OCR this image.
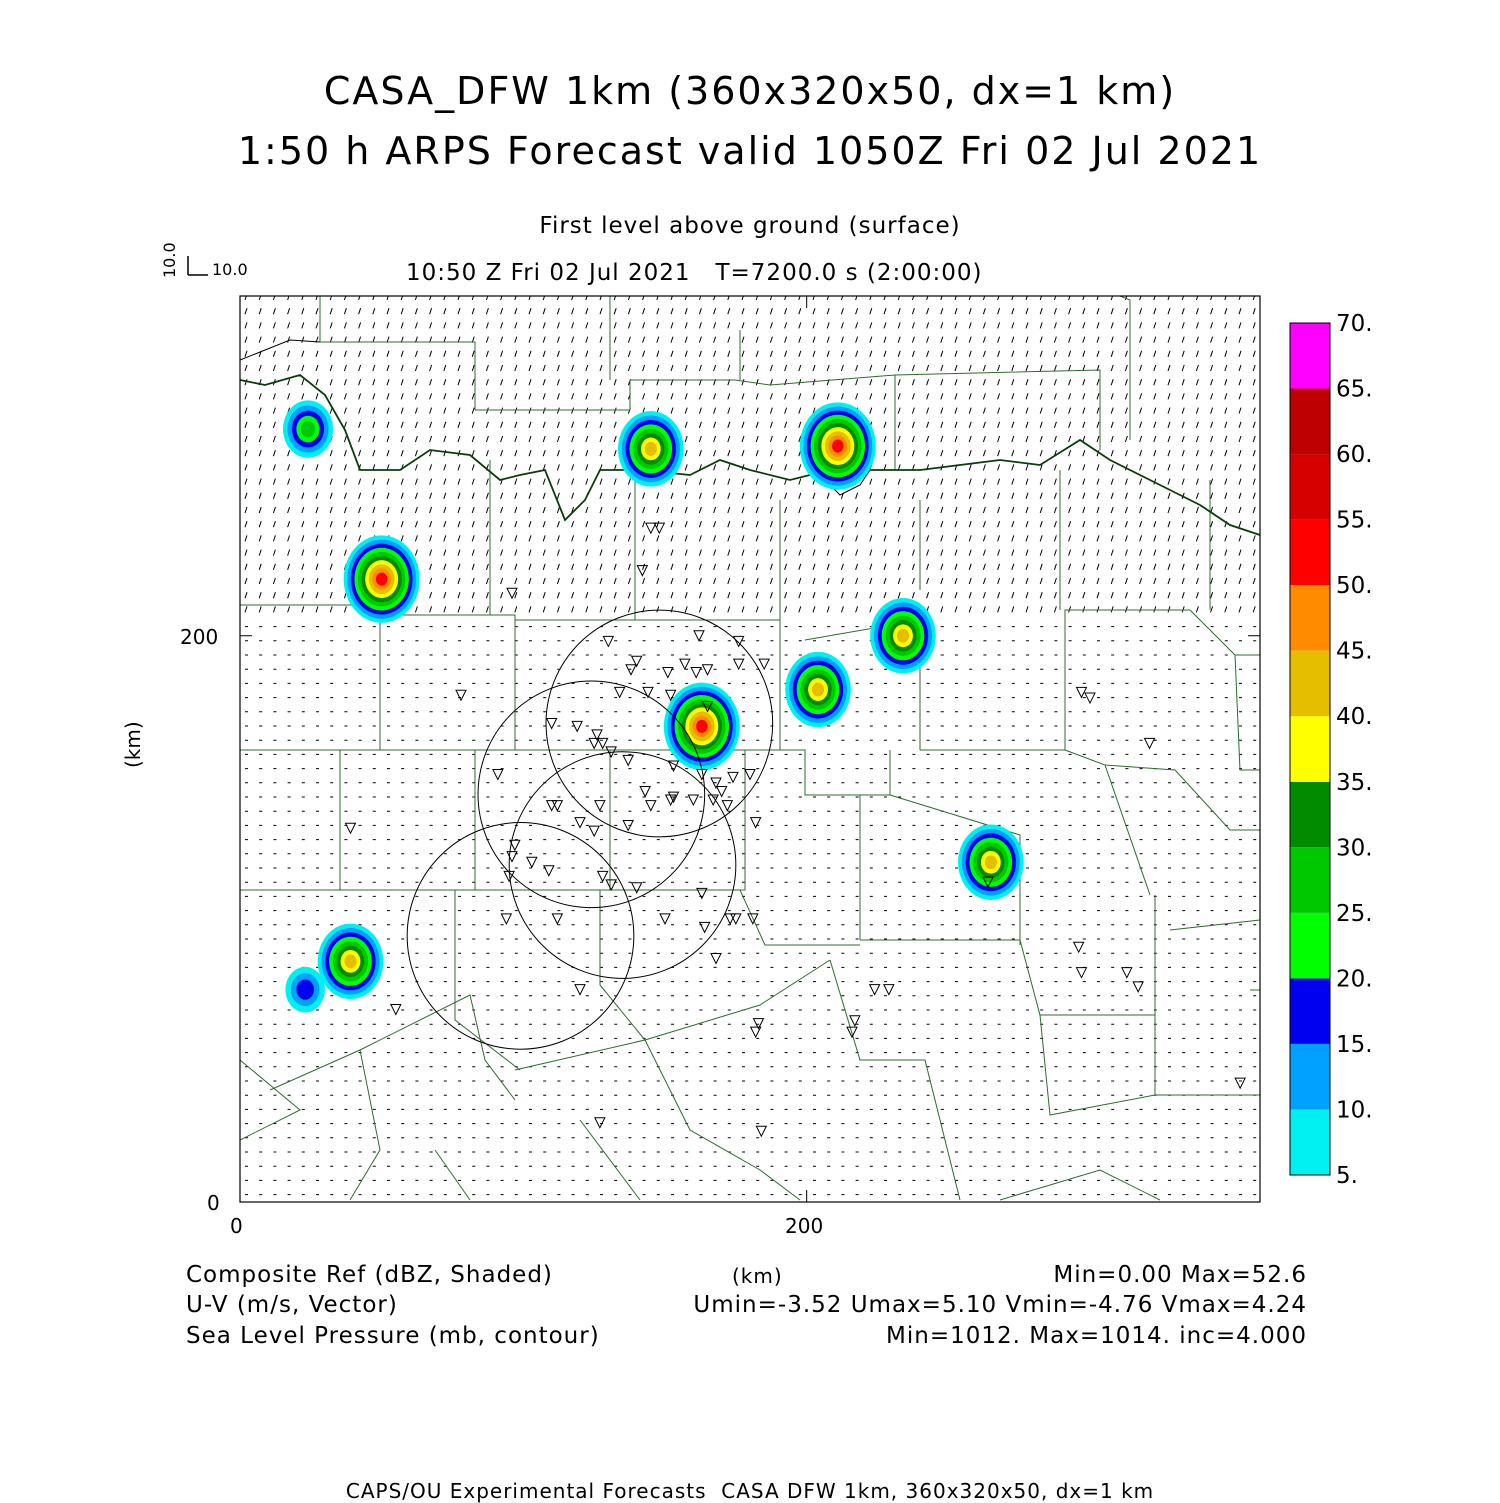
CASA_DFW 1km (360x320x50, dx=1 km)
1:50 h ARPS Forecast valid 1050Z Fri 02 Jul 2021
First level above ground (surface)
10:50 Z Fri 02 Jul 2021   T=7200.0 s (2:00:00)
5.
10.
15.
20.
25.
30.
35.
40.
45.
50.
55.
60.
65.
70.
10.0 10.0
0	200
0
200
(km)
Composite Ref (dBZ, Shaded)	(km)	Min=0.00 Max=52.6
U-V (m/s, Vector)	Umin=-3.52 Umax=5.10 Vmin=-4.76 Vmax=4.24
Sea Level Pressure (mb, contour)	Min=1012. Max=1014. inc=4.000
CAPS/OU Experimental Forecasts  CASA DFW 1km, 360x320x50, dx=1 km
